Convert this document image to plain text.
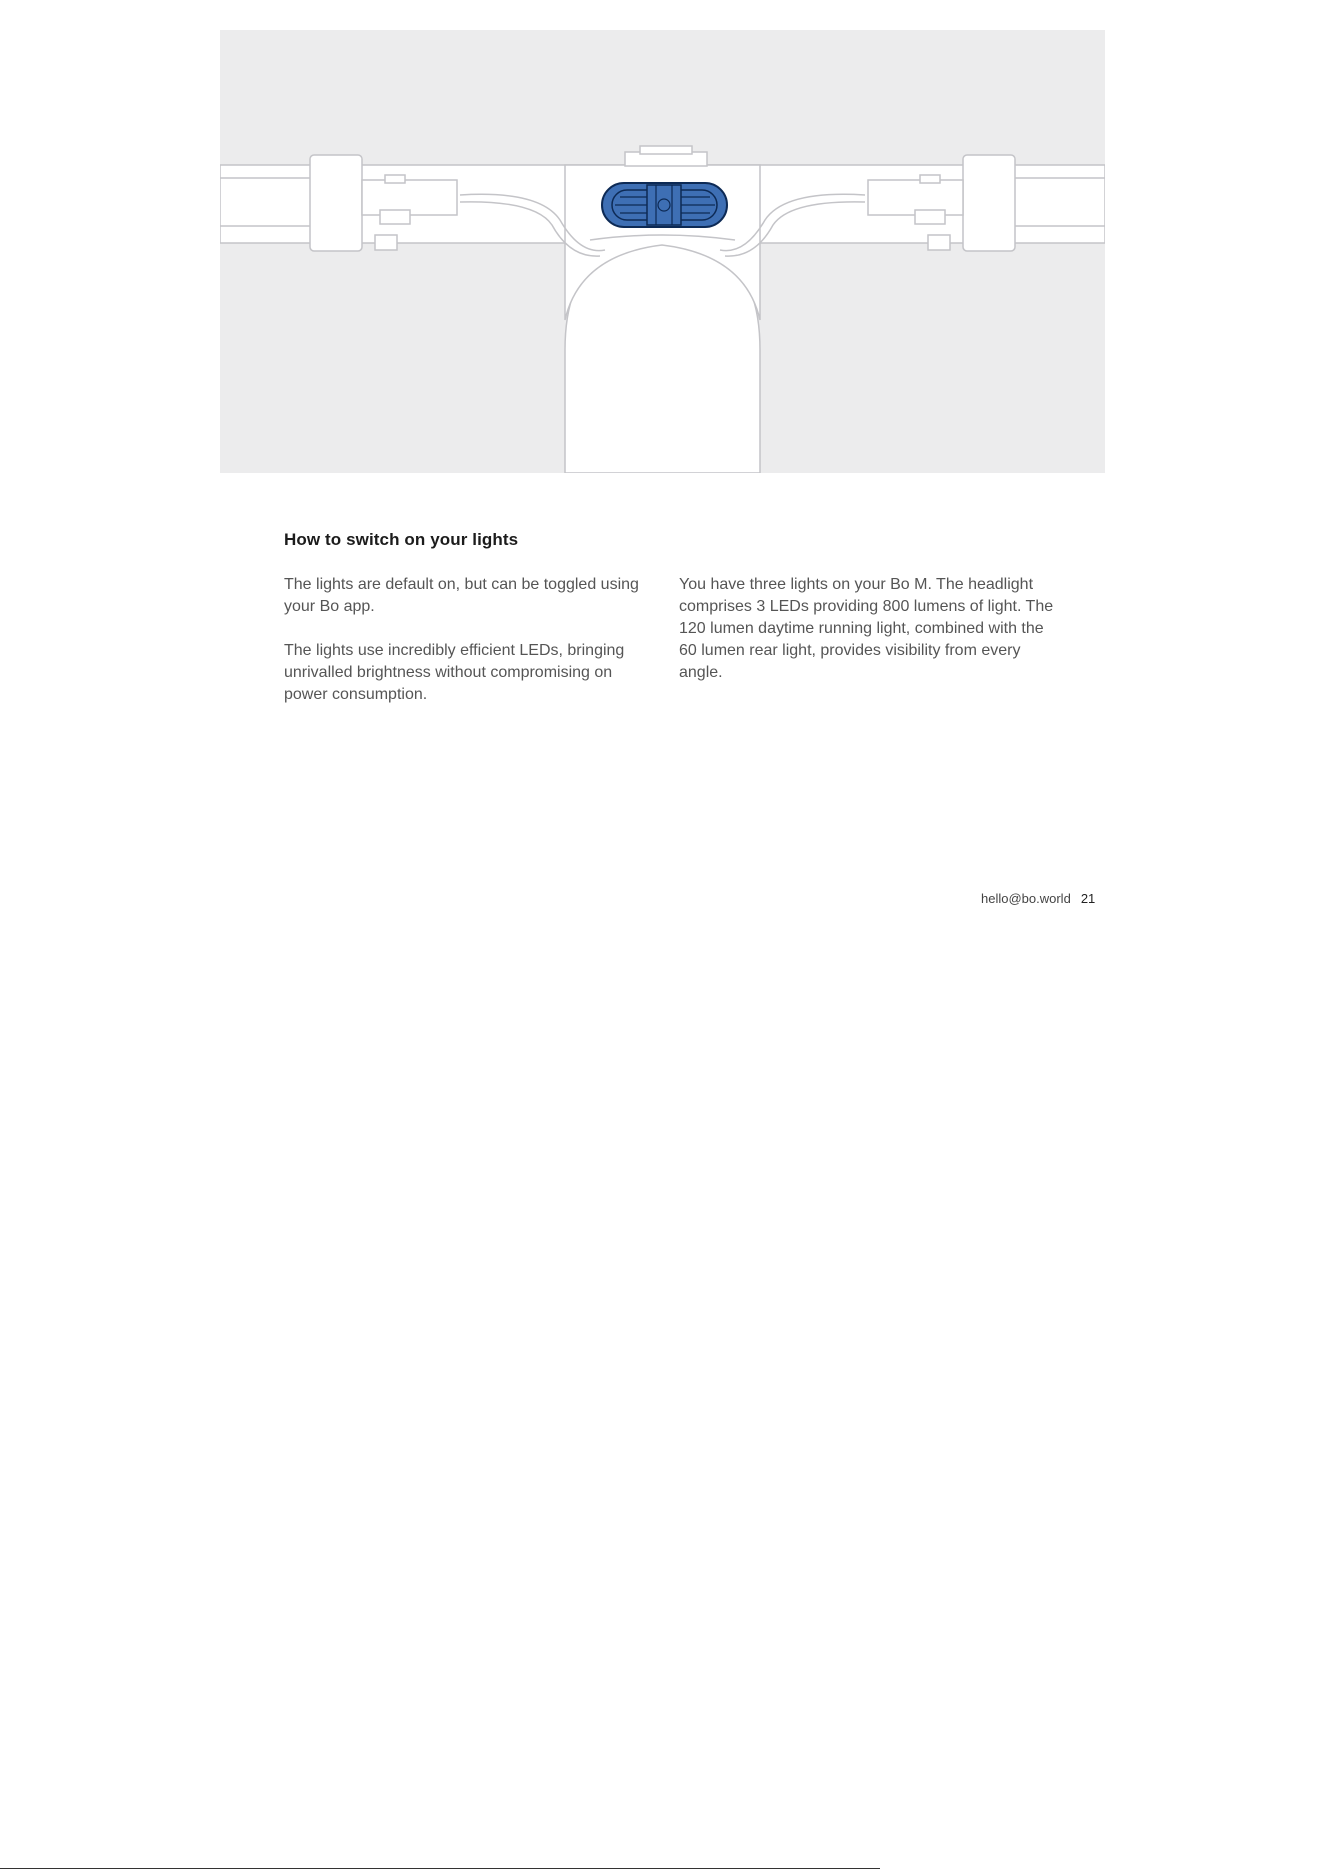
How to switch on your lights

The lights are default on, but can be toggled using your Bo app.

The lights use incredibly efficient LEDs, bringing unrivalled brightness without compromising on power consumption.

You have three lights on your Bo M. The headlight comprises 3 LEDs providing 800 lumens of light. The 120 lumen daytime running light, combined with the 60 lumen rear light, provides visibility from every angle.

hello@bo.world 21
